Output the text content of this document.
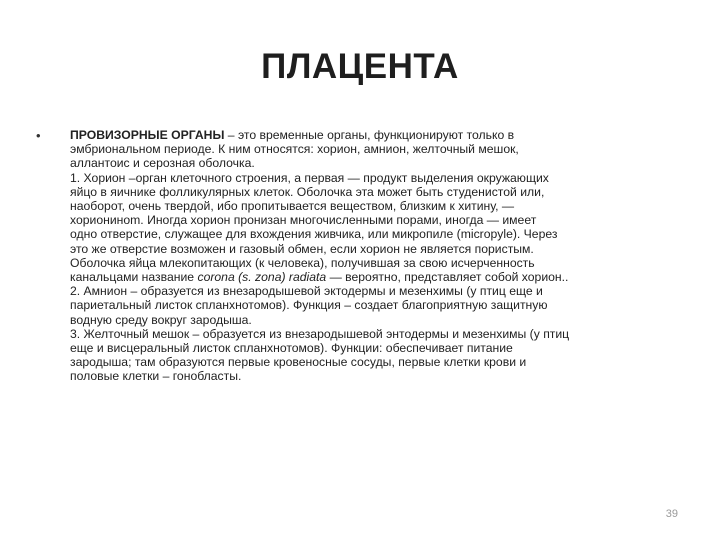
ПЛАЦЕНТА
• ПРОВИЗОРНЫЕ ОРГАНЫ – это временные органы, функционируют только в
эмбриональном периоде. К ним относятся: хорион, амнион, желточный мешок,
аллантоис и серозная оболочка.
1. Хорион –орган клеточного строения, а первая — продукт выделения окружающих
яйцо в яичнике фолликулярных клеток. Оболочка эта может быть студенистой или,
наоборот, очень твердой, ибо пропитывается веществом, близким к хитину, —
хориониноm. Иногда хорион пронизан многочисленными порами, иногда — имеет
одно отверстие, служащее для вхождения живчика, или микропиле (micropyle). Через
это же отверстие возможен и газовый обмен, если хорион не является пористым.
Оболочка яйца млекопитающих (к человека), получившая за свою исчерченность
канальцами название corona (s. zona) radiata — вероятно, представляет собой хорион..
2. Амнион – образуется из внезародышевой эктодермы и мезенхимы (у птиц еще и
париетальный листок спланхнотомов). Функция – создает благоприятную защитную
водную среду вокруг зародыша.
3. Желточный мешок – образуется из внезародышевой энтодермы и мезенхимы (у птиц
еще и висцеральный листок спланхнотомов). Функции: обеспечивает питание
зародыша; там образуются первые кровеносные сосуды, первые клетки крови и
половые клетки – гонобласты.
39
